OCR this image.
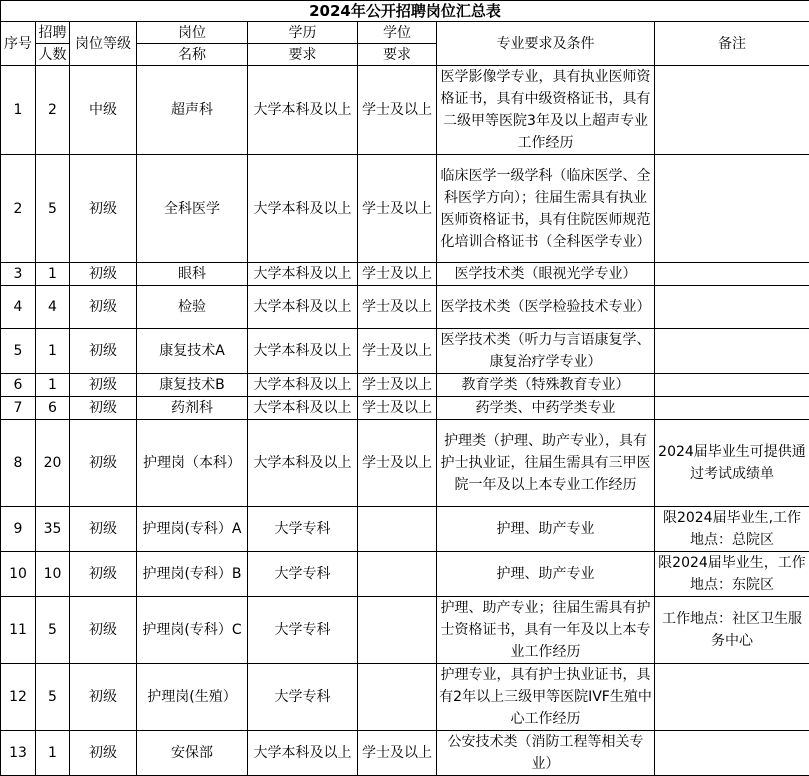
2024年公开招聘岗位汇总表							
序号	招聘	岗位等级	岗位	学历	学位	专业要求及条件	备注
	人数		名称	要求	要求		
1	2	中级	超声科	大学本科及以上	学士及以上	医学影像学专业，具有执业医师资格证书，具有中级资格证书，具有二级甲等医院3年及以上超声专业工作经历	
2	5	初级	全科医学	大学本科及以上	学士及以上	临床医学一级学科（临床医学、全科医学方向）；往届生需具有执业医师资格证书，具有住院医师规范化培训合格证书（全科医学专业）	
3	1	初级	眼科	大学本科及以上	学士及以上	医学技术类（眼视光学专业）	
4	4	初级	检验	大学本科及以上	学士及以上	医学技术类（医学检验技术专业）	
5	1	初级	康复技术A	大学本科及以上	学士及以上	医学技术类（听力与言语康复学、康复治疗学专业）	
6	1	初级	康复技术B	大学本科及以上	学士及以上	教育学类（特殊教育专业）	
7	6	初级	药剂科	大学本科及以上	学士及以上	药学类、中药学类专业	
8	20	初级	护理岗（本科）	大学本科及以上	学士及以上	护理类（护理、助产专业），具有护士执业证，往届生需具有三甲医院一年及以上本专业工作经历	2024届毕业生可提供通过考试成绩单
9	35	初级	护理岗(专科）A	大学专科		护理、助产专业	限2024届毕业生,工作地点：总院区
10	10	初级	护理岗(专科）B	大学专科		护理、助产专业	限2024届毕业生，工作地点：东院区
11	5	初级	护理岗(专科）C	大学专科		护理、助产专业；往届生需具有护士资格证书，具有一年及以上本专业工作经历	工作地点：社区卫生服务中心
12	5	初级	护理岗(生殖）	大学专科		护理专业，具有护士执业证书，具有2年以上三级甲等医院IVF生殖中心工作经历	
13	1	初级	安保部	大学本科及以上	学士及以上	公安技术类（消防工程等相关专业）	
